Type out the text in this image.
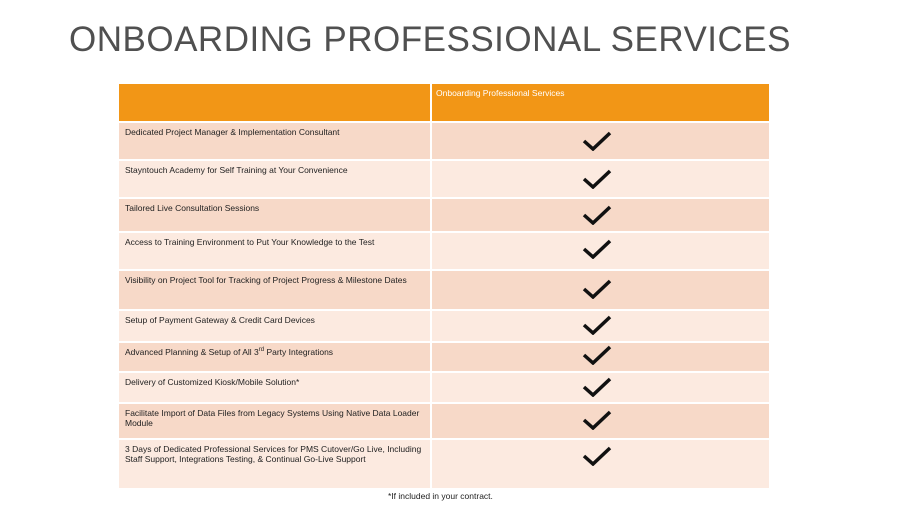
ONBOARDING PROFESSIONAL SERVICES
Onboarding Professional Services
Dedicated Project Manager & Implementation Consultant
Stayntouch Academy for Self Training at Your Convenience
Tailored Live Consultation Sessions
Access to Training Environment to Put Your Knowledge to the Test
Visibility on Project Tool for Tracking of Project Progress & Milestone Dates
Setup of Payment Gateway & Credit Card Devices
Advanced Planning & Setup of All 3rd Party Integrations
Delivery of Customized Kiosk/Mobile Solution*
Facilitate Import of Data Files from Legacy Systems Using Native Data Loader Module
3 Days of Dedicated Professional Services for PMS Cutover/Go Live, Including Staff Support, Integrations Testing, & Continual Go-Live Support
*If included in your contract.
